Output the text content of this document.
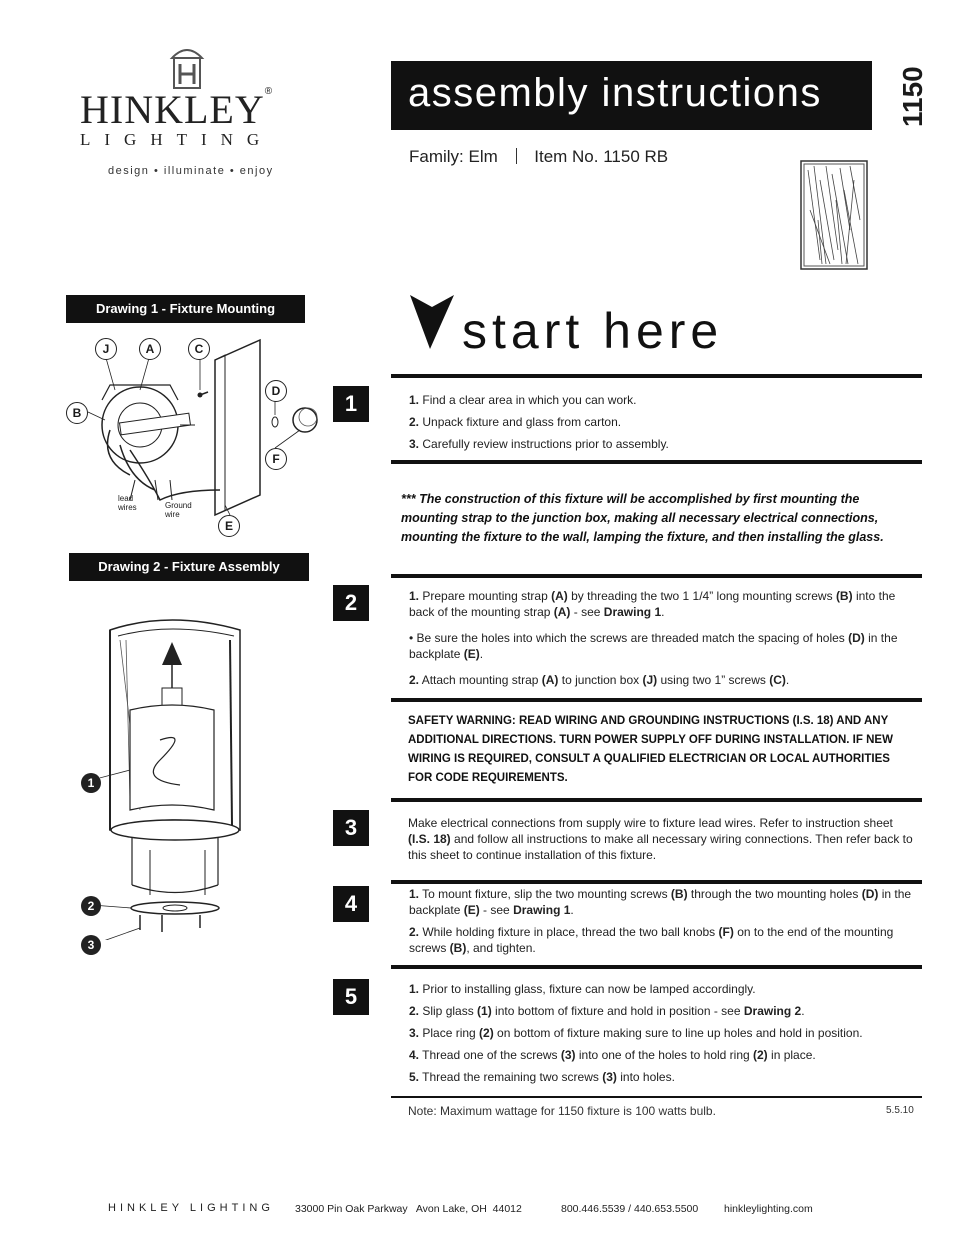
HINKLEY®
LIGHTING
design • illuminate • enjoy
assembly instructions	1150
Family: Elm Item No. 1150 RB
Drawing 1 - Fixture Mounting
J	A	C
B
D
F
E
lead wires	Ground wire
Drawing 2 - Fixture Assembly
1
2
3
start here
1	1. Find a clear area in which you can work.
2. Unpack fixture and glass from carton.
3. Carefully review instructions prior to assembly.
*** The construction of this fixture will be accomplished by first mounting the mounting strap to the junction box, making all necessary electrical connections, mounting the fixture to the wall, lamping the fixture, and then installing the glass.
2	1. Prepare mounting strap (A) by threading the two 1 1/4” long mounting screws (B) into the back of the mounting strap (A) - see Drawing 1.
• Be sure the holes into which the screws are threaded match the spacing of holes (D) in the backplate (E).
2. Attach mounting strap (A) to junction box (J) using two 1” screws (C).
SAFETY WARNING: READ WIRING AND GROUNDING INSTRUCTIONS (I.S. 18) AND ANY ADDITIONAL DIRECTIONS. TURN POWER SUPPLY OFF DURING INSTALLATION. IF NEW WIRING IS REQUIRED, CONSULT A QUALIFIED ELECTRICIAN OR LOCAL AUTHORITIES FOR CODE REQUIREMENTS.
3	Make electrical connections from supply wire to fixture lead wires. Refer to instruction sheet (I.S. 18) and follow all instructions to make all necessary wiring connections. Then refer back to this sheet to continue installation of this fixture.
4	1. To mount fixture, slip the two mounting screws (B) through the two mounting holes (D) in the backplate (E) - see Drawing 1.
2. While holding fixture in place, thread the two ball knobs (F) on to the end of the mounting screws (B), and tighten.
5	1. Prior to installing glass, fixture can now be lamped accordingly.
2. Slip glass (1) into bottom of fixture and hold in position - see Drawing 2.
3. Place ring (2) on bottom of fixture making sure to line up holes and hold in position.
4. Thread one of the screws (3) into one of the holes to hold ring (2) in place.
5. Thread the remaining two screws (3) into holes.
Note: Maximum wattage for 1150 fixture is 100 watts bulb.	5.5.10
HINKLEY LIGHTING 33000 Pin Oak Parkway   Avon Lake, OH  44012	800.446.5539 / 440.653.5500 hinkleylighting.com
